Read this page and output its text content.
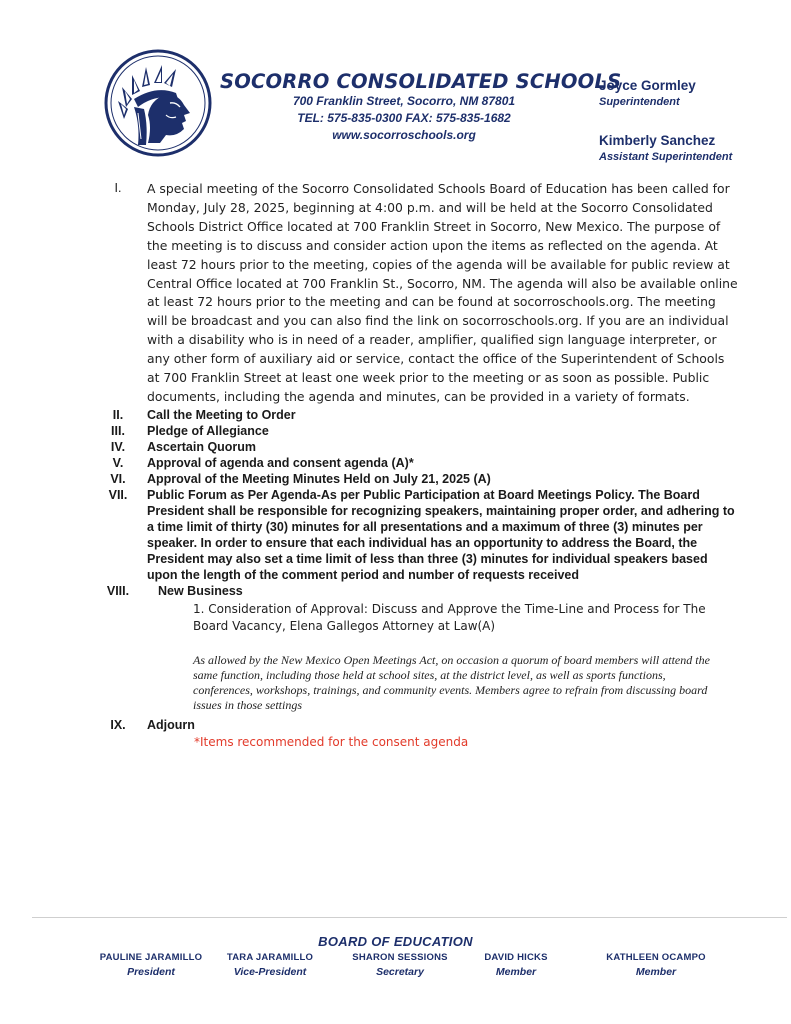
SOCORRO CONSOLIDATED SCHOOLS
700 Franklin Street, Socorro, NM 87801
TEL: 575-835-0300 FAX: 575-835-1682
www.socorroschools.org
Joyce Gormley
Superintendent
Kimberly Sanchez
Assistant Superintendent
I.	A special meeting of the Socorro Consolidated Schools Board of Education has been called for Monday, July 28, 2025, beginning at 4:00 p.m. and will be held at the Socorro Consolidated Schools District Office located at 700 Franklin Street in Socorro, New Mexico. The purpose of the meeting is to discuss and consider action upon the items as reflected on the agenda. At least 72 hours prior to the meeting, copies of the agenda will be available for public review at Central Office located at 700 Franklin St., Socorro, NM. The agenda will also be available online at least 72 hours prior to the meeting and can be found at socorroschools.org. The meeting will be broadcast and you can also find the link on socorroschools.org. If you are an individual with a disability who is in need of a reader, amplifier, qualified sign language interpreter, or any other form of auxiliary aid or service, contact the office of the Superintendent of Schools at 700 Franklin Street at least one week prior to the meeting or as soon as possible. Public documents, including the agenda and minutes, can be provided in a variety of formats.
II.	Call the Meeting to Order
III.	Pledge of Allegiance
IV.	Ascertain Quorum
V.	Approval of agenda and consent agenda (A)*
VI.	Approval of the Meeting Minutes Held on July 21, 2025 (A)
VII.	Public Forum as Per Agenda-As per Public Participation at Board Meetings Policy. The Board President shall be responsible for recognizing speakers, maintaining proper order, and adhering to a time limit of thirty (30) minutes for all presentations and a maximum of three (3) minutes per speaker. In order to ensure that each individual has an opportunity to address the Board, the President may also set a time limit of less than three (3) minutes for individual speakers based upon the length of the comment period and number of requests received
VIII.	New Business
1. Consideration of Approval: Discuss and Approve the Time-Line and Process for The Board Vacancy, Elena Gallegos Attorney at Law(A)
As allowed by the New Mexico Open Meetings Act, on occasion a quorum of board members will attend the same function, including those held at school sites, at the district level, as well as sports functions, conferences, workshops, trainings, and community events. Members agree to refrain from discussing board issues in those settings
IX.	Adjourn
*Items recommended for the consent agenda
BOARD OF EDUCATION
PAULINE JARAMILLO
President
TARA JARAMILLO
Vice-President
SHARON SESSIONS
Secretary
DAVID HICKS
Member
KATHLEEN OCAMPO
Member
